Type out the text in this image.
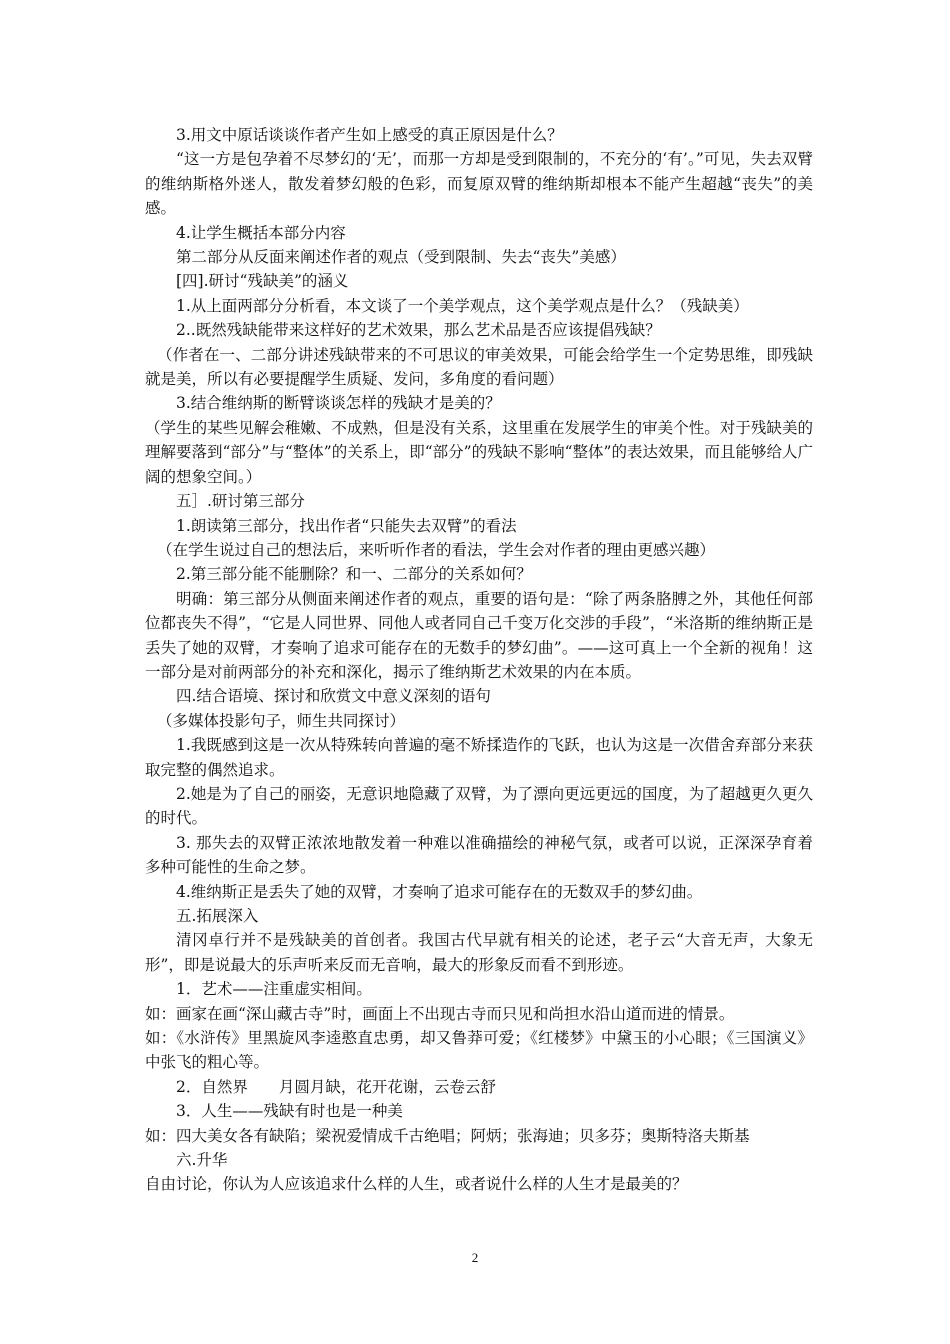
3.用文中原话谈谈作者产生如上感受的真正原因是什么？

“这一方是包孕着不尽梦幻的‘无’，而那一方却是受到限制的，不充分的‘有’。”可见，失去双臂的维纳斯格外迷人，散发着梦幻般的色彩，而复原双臂的维纳斯却根本不能产生超越“丧失”的美感。

4.让学生概括本部分内容

第二部分从反面来阐述作者的观点（受到限制、失去“丧失”美感）

[四].研讨“残缺美”的涵义

1.从上面两部分分析看，本文谈了一个美学观点，这个美学观点是什么？（残缺美）

2..既然残缺能带来这样好的艺术效果，那么艺术品是否应该提倡残缺？

（作者在一、二部分讲述残缺带来的不可思议的审美效果，可能会给学生一个定势思维，即残缺就是美，所以有必要提醒学生质疑、发问，多角度的看问题）

3.结合维纳斯的断臂谈谈怎样的残缺才是美的？

（学生的某些见解会稚嫩、不成熟，但是没有关系，这里重在发展学生的审美个性。对于残缺美的理解要落到“部分”与“整体”的关系上，即“部分”的残缺不影响“整体”的表达效果，而且能够给人广阔的想象空间。）

五］.研讨第三部分

1.朗读第三部分，找出作者“只能失去双臂”的看法

（在学生说过自己的想法后，来听听作者的看法，学生会对作者的理由更感兴趣）

2.第三部分能不能删除？和一、二部分的关系如何？

明确：第三部分从侧面来阐述作者的观点，重要的语句是：“除了两条胳膊之外，其他任何部位都丧失不得”，“它是人同世界、同他人或者同自己千变万化交涉的手段”，“米洛斯的维纳斯正是丢失了她的双臂，才奏响了追求可能存在的无数手的梦幻曲”。——这可真上一个全新的视角！这一部分是对前两部分的补充和深化，揭示了维纳斯艺术效果的内在本质。

四.结合语境、探讨和欣赏文中意义深刻的语句

（多媒体投影句子，师生共同探讨）

1.我既感到这是一次从特殊转向普遍的毫不矫揉造作的飞跃，也认为这是一次借舍弃部分来获取完整的偶然追求。

2.她是为了自己的丽姿，无意识地隐藏了双臂，为了漂向更远更远的国度，为了超越更久更久的时代。

3. 那失去的双臂正浓浓地散发着一种难以准确描绘的神秘气氛，或者可以说，正深深孕育着多种可能性的生命之梦。

4.维纳斯正是丢失了她的双臂，才奏响了追求可能存在的无数双手的梦幻曲。

五.拓展深入

清冈卓行并不是残缺美的首创者。我国古代早就有相关的论述，老子云“大音无声，大象无形”，即是说最大的乐声听来反而无音响，最大的形象反而看不到形迹。

1．艺术——注重虚实相间。

如：画家在画“深山藏古寺”时，画面上不出现古寺而只见和尚担水沿山道而进的情景。

如：《水浒传》里黑旋风李逵憨直忠勇，却又鲁莽可爱；《红楼梦》中黛玉的小心眼；《三国演义》中张飞的粗心等。

2．自然界　　月圆月缺，花开花谢，云卷云舒

3．人生——残缺有时也是一种美

如：四大美女各有缺陷；梁祝爱情成千古绝唱；阿炳；张海迪；贝多芬；奥斯特洛夫斯基

六.升华

自由讨论，你认为人应该追求什么样的人生，或者说什么样的人生才是最美的？

2
